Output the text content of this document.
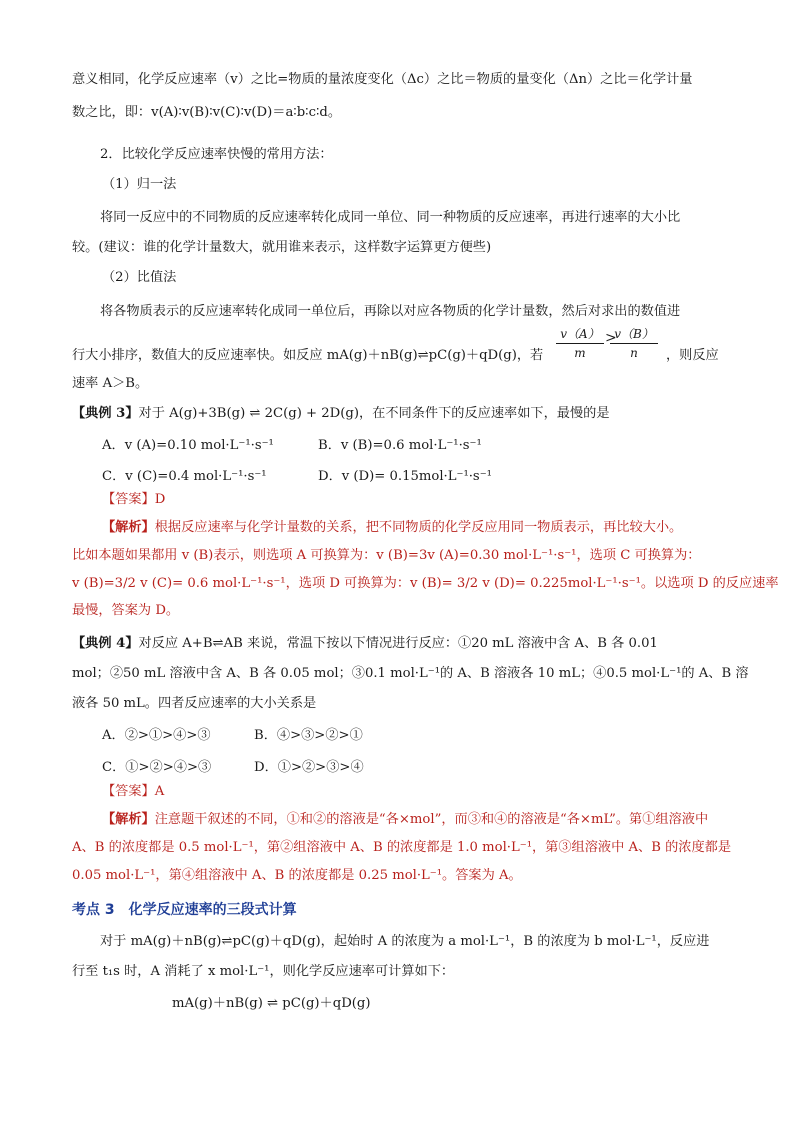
意义相同，化学反应速率（v）之比=物质的量浓度变化（Δc）之比＝物质的量变化（Δn）之比＝化学计量
数之比，即：v(A)∶v(B)∶v(C)∶v(D)＝a∶b∶c∶d。
2．比较化学反应速率快慢的常用方法：
（1）归一法
将同一反应中的不同物质的反应速率转化成同一单位、同一种物质的反应速率，再进行速率的大小比
较。(建议：谁的化学计量数大，就用谁来表示，这样数字运算更方便些)
（2）比值法
将各物质表示的反应速率转化成同一单位后，再除以对应各物质的化学计量数，然后对求出的数值进
行大小排序，数值大的反应速率快。如反应 mA(g)＋nB(g)⇌pC(g)＋qD(g)，若
v（A）
m
>
v（B）
n ，则反应
速率 A＞B。
【典例 3】对于 A(g)+3B(g) ⇌ 2C(g) + 2D(g)，在不同条件下的反应速率如下，最慢的是
A．v (A)=0.10 mol·L⁻¹·s⁻¹	B．v (B)=0.6 mol·L⁻¹·s⁻¹
C．v (C)=0.4 mol·L⁻¹·s⁻¹	D．v (D)= 0.15mol·L⁻¹·s⁻¹
【答案】D
【解析】根据反应速率与化学计量数的关系，把不同物质的化学反应用同一物质表示，再比较大小。
比如本题如果都用 v (B)表示，则选项 A 可换算为：v (B)=3v (A)=0.30 mol·L⁻¹·s⁻¹，选项 C 可换算为：
v (B)=3/2 v (C)= 0.6 mol·L⁻¹·s⁻¹，选项 D 可换算为：v (B)= 3/2 v (D)= 0.225mol·L⁻¹·s⁻¹。以选项 D 的反应速率
最慢，答案为 D。
【典例 4】对反应 A+B⇌AB 来说，常温下按以下情况进行反应：①20 mL 溶液中含 A、B 各 0.01
mol；②50 mL 溶液中含 A、B 各 0.05 mol；③0.1 mol·L⁻¹的 A、B 溶液各 10 mL；④0.5 mol·L⁻¹的 A、B 溶
液各 50 mL。四者反应速率的大小关系是
A．②>①>④>③	B．④>③>②>①
C．①>②>④>③	D．①>②>③>④
【答案】A
【解析】注意题干叙述的不同，①和②的溶液是“各×mol”，而③和④的溶液是“各×mL”。第①组溶液中
A、B 的浓度都是 0.5 mol·L⁻¹，第②组溶液中 A、B 的浓度都是 1.0 mol·L⁻¹，第③组溶液中 A、B 的浓度都是
0.05 mol·L⁻¹，第④组溶液中 A、B 的浓度都是 0.25 mol·L⁻¹。答案为 A。
考点 3　化学反应速率的三段式计算
对于 mA(g)＋nB(g)⇌pC(g)＋qD(g)，起始时 A 的浓度为 a mol·L⁻¹，B 的浓度为 b mol·L⁻¹，反应进
行至 t₁s 时，A 消耗了 x mol·L⁻¹，则化学反应速率可计算如下：
mA(g)＋nB(g) ⇌ pC(g)＋qD(g)
